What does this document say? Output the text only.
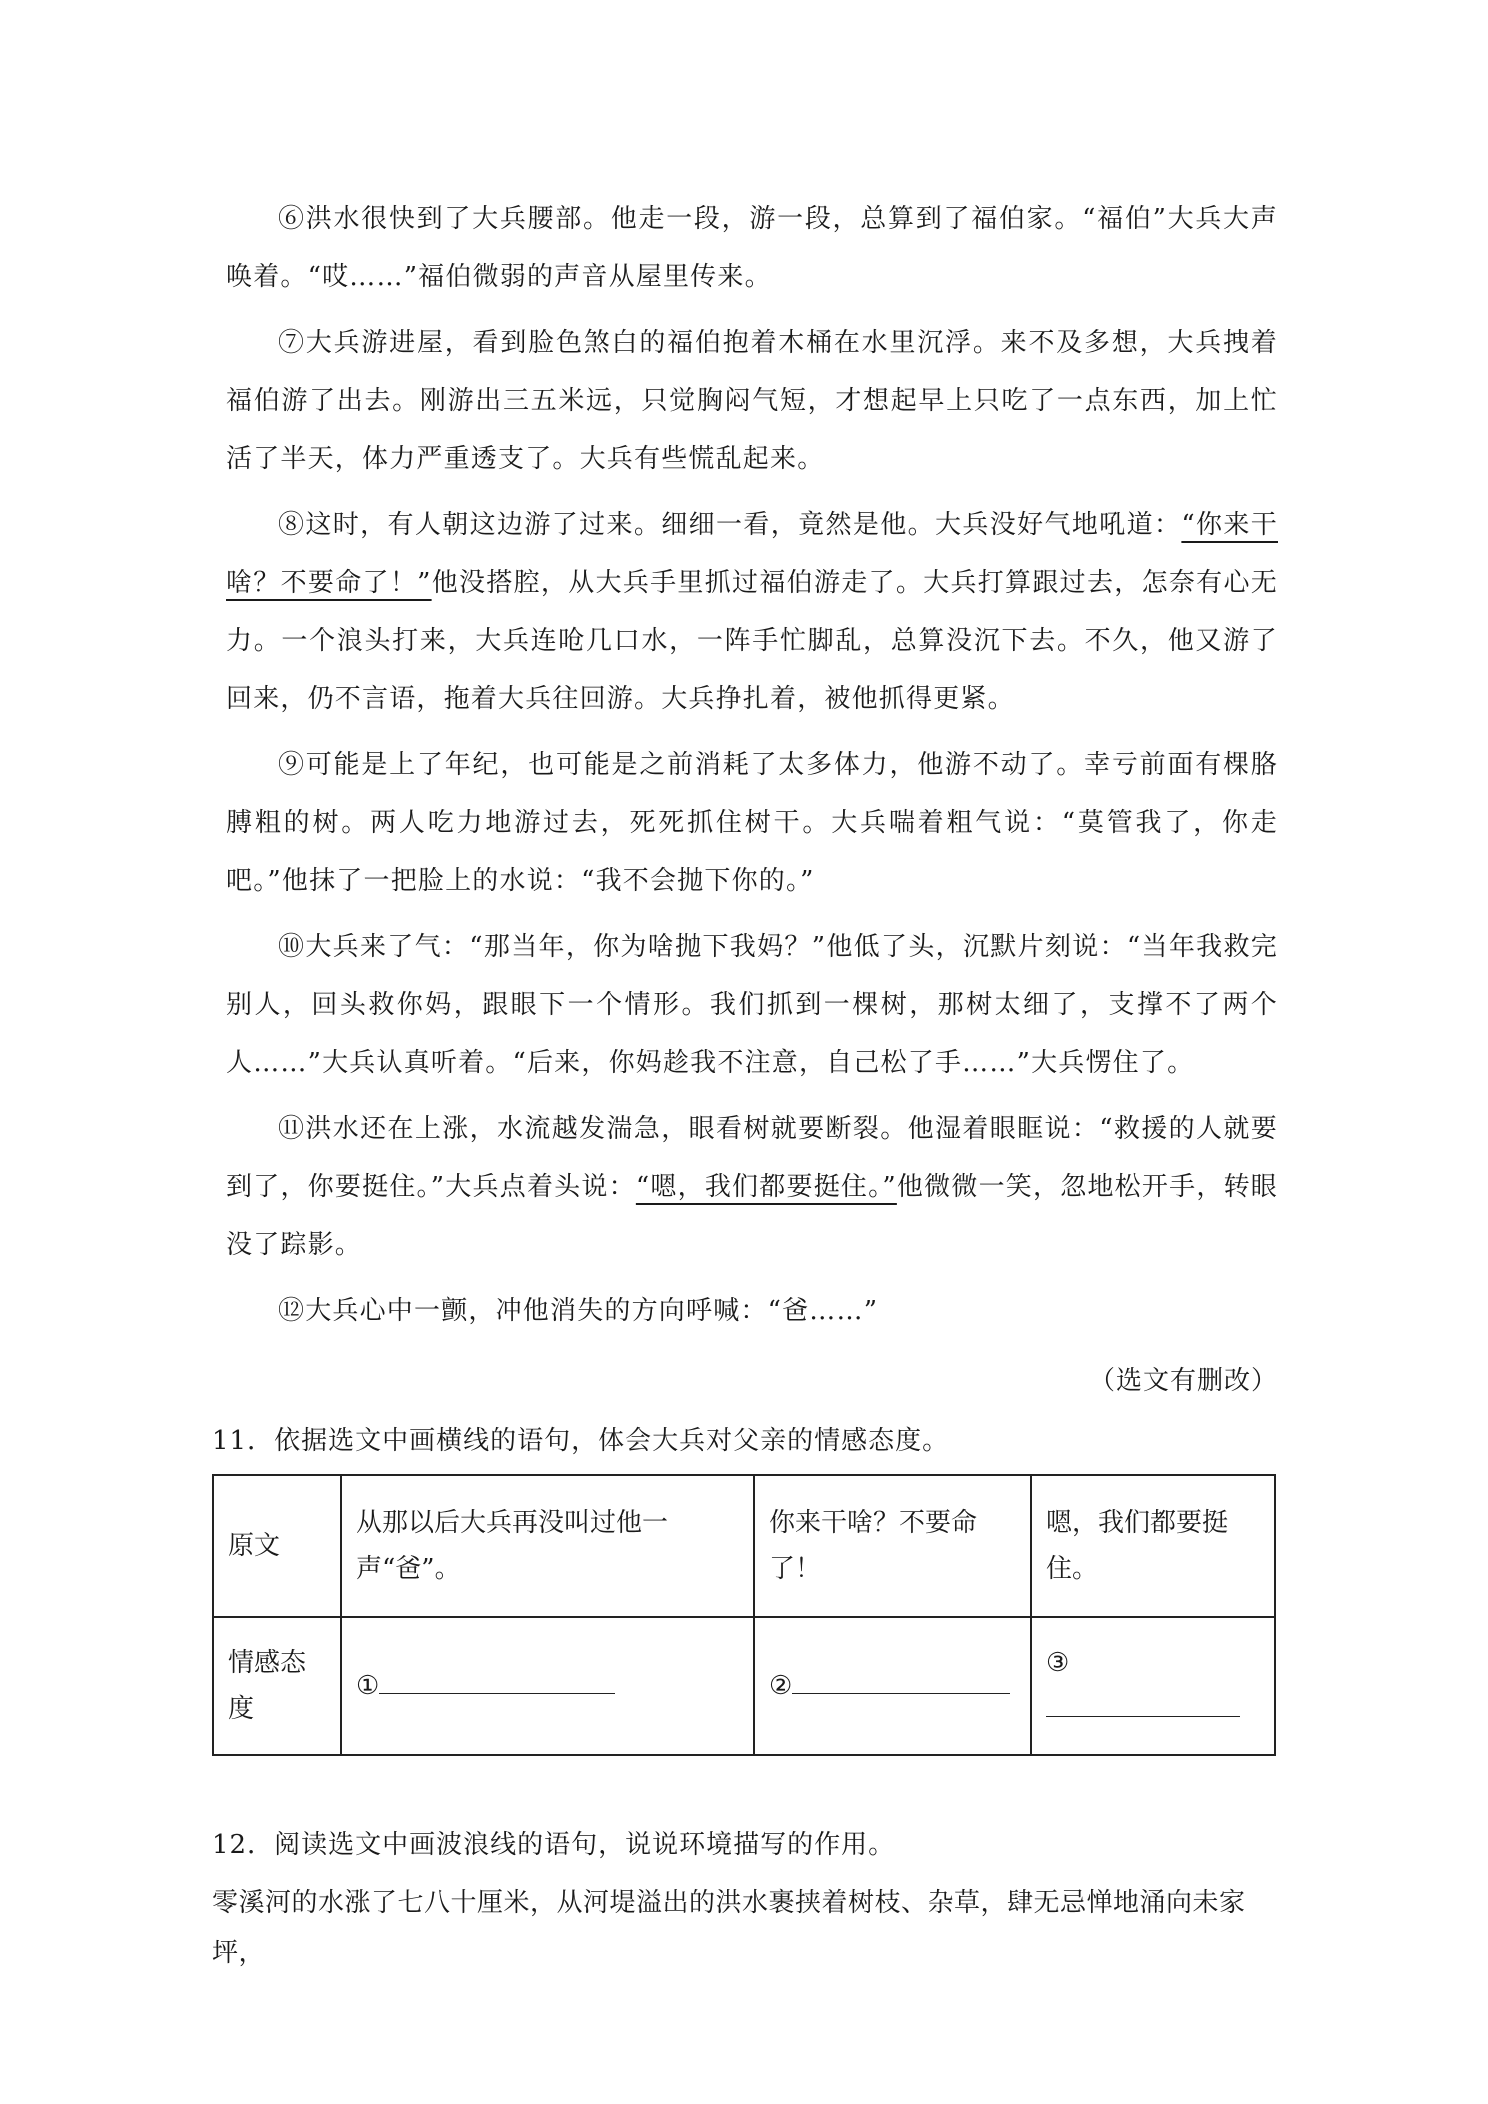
⑥洪水很快到了大兵腰部。他走一段，游一段，总算到了福伯家。“福伯”大兵大声唤着。“哎……”福伯微弱的声音从屋里传来。

⑦大兵游进屋，看到脸色煞白的福伯抱着木桶在水里沉浮。来不及多想，大兵拽着福伯游了出去。刚游出三五米远，只觉胸闷气短，才想起早上只吃了一点东西，加上忙活了半天，体力严重透支了。大兵有些慌乱起来。

⑧这时，有人朝这边游了过来。细细一看，竟然是他。大兵没好气地吼道：“你来干啥？不要命了！”他没搭腔，从大兵手里抓过福伯游走了。大兵打算跟过去，怎奈有心无力。一个浪头打来，大兵连呛几口水，一阵手忙脚乱，总算没沉下去。不久，他又游了回来，仍不言语，拖着大兵往回游。大兵挣扎着，被他抓得更紧。

⑨可能是上了年纪，也可能是之前消耗了太多体力，他游不动了。幸亏前面有棵胳膊粗的树。两人吃力地游过去，死死抓住树干。大兵喘着粗气说：“莫管我了，你走吧。”他抹了一把脸上的水说：“我不会抛下你的。”

⑩大兵来了气：“那当年，你为啥抛下我妈？”他低了头，沉默片刻说：“当年我救完别人，回头救你妈，跟眼下一个情形。我们抓到一棵树，那树太细了，支撑不了两个人……”大兵认真听着。“后来，你妈趁我不注意，自己松了手……”大兵愣住了。

⑪洪水还在上涨，水流越发湍急，眼看树就要断裂。他湿着眼眶说：“救援的人就要到了，你要挺住。”大兵点着头说：“嗯，我们都要挺住。”他微微一笑，忽地松开手，转眼没了踪影。

⑫大兵心中一颤，冲他消失的方向呼喊：“爸……”

（选文有删改）

11．依据选文中画横线的语句，体会大兵对父亲的情感态度。

原文	从那以后大兵再没叫过他一声“爸”。	你来干啥？不要命了！	嗯，我们都要挺住。
情感态度	①	②	③

12．阅读选文中画波浪线的语句，说说环境描写的作用。

零溪河的水涨了七八十厘米，从河堤溢出的洪水裹挟着树枝、杂草，肆无忌惮地涌向未家坪，
